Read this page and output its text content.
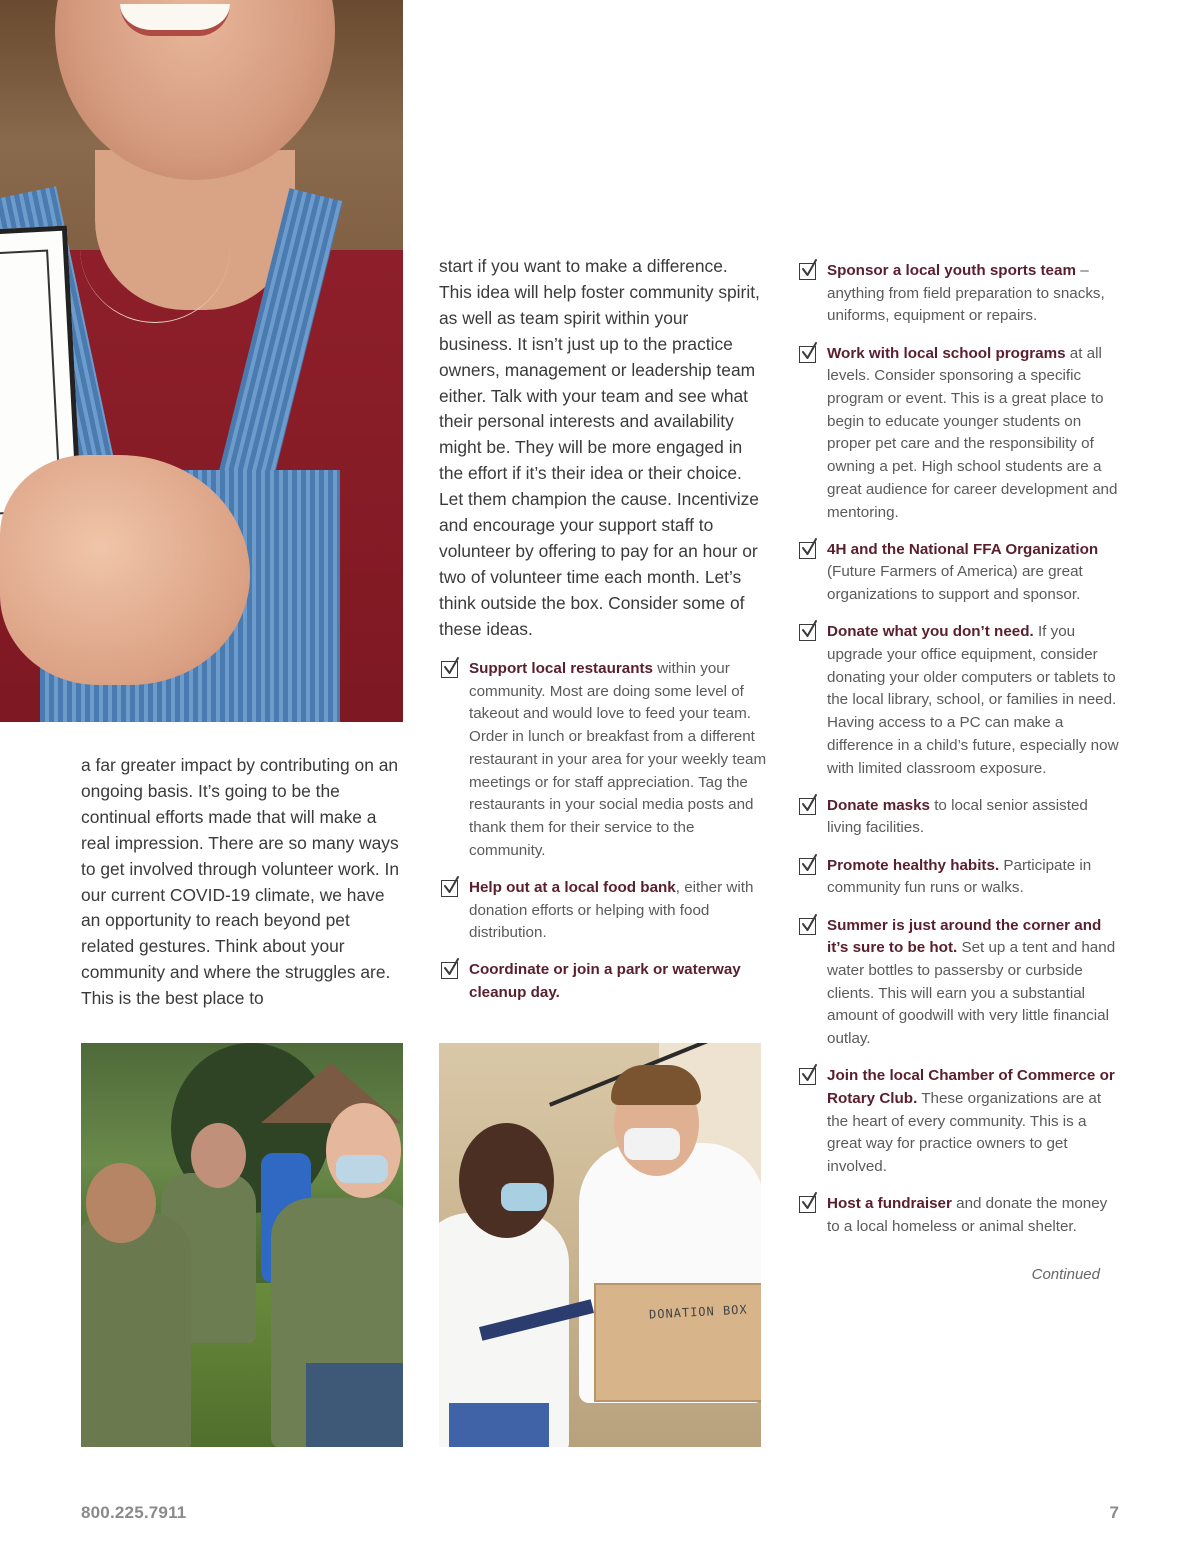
a far greater impact by contributing on an ongoing basis. It’s going to be the continual efforts made that will make a real impression. There are so many ways to get involved through volunteer work. In our current COVID-19 climate, we have an opportunity to reach beyond pet related gestures. Think about your community and where the struggles are. This is the best place to

start if you want to make a difference. This idea will help foster community spirit, as well as team spirit within your business. It isn’t just up to the practice owners, management or leadership team either. Talk with your team and see what their personal interests and availability might be. They will be more engaged in the effort if it’s their idea or their choice. Let them champion the cause. Incentivize and encourage your support staff to volunteer by offering to pay for an hour or two of volunteer time each month. Let’s think outside the box. Consider some of these ideas.

Support local restaurants within your community. Most are doing some level of takeout and would love to feed your team. Order in lunch or breakfast from a different restaurant in your area for your weekly team meetings or for staff appreciation. Tag the restaurants in your social media posts and thank them for their service to the community.
Help out at a local food bank, either with donation efforts or helping with food distribution.
Coordinate or join a park or waterway cleanup day.
Sponsor a local youth sports team – anything from field preparation to snacks, uniforms, equipment or repairs.
Work with local school programs at all levels. Consider sponsoring a specific program or event. This is a great place to begin to educate younger students on proper pet care and the responsibility of owning a pet. High school students are a great audience for career development and mentoring.
4H and the National FFA Organization (Future Farmers of America) are great organizations to support and sponsor.
Donate what you don’t need. If you upgrade your office equipment, consider donating your older computers or tablets to the local library, school, or families in need. Having access to a PC can make a difference in a child’s future, especially now with limited classroom exposure.
Donate masks to local senior assisted living facilities.
Promote healthy habits. Participate in community fun runs or walks.
Summer is just around the corner and it’s sure to be hot. Set up a tent and hand water bottles to passersby or curbside clients. This will earn you a substantial amount of goodwill with very little financial outlay.
Join the local Chamber of Commerce or Rotary Club. These organizations are at the heart of every community. This is a great way for practice owners to get involved.
Host a fundraiser and donate the money to a local homeless or animal shelter.
DONATION BOX
Continued
800.225.7911	7
